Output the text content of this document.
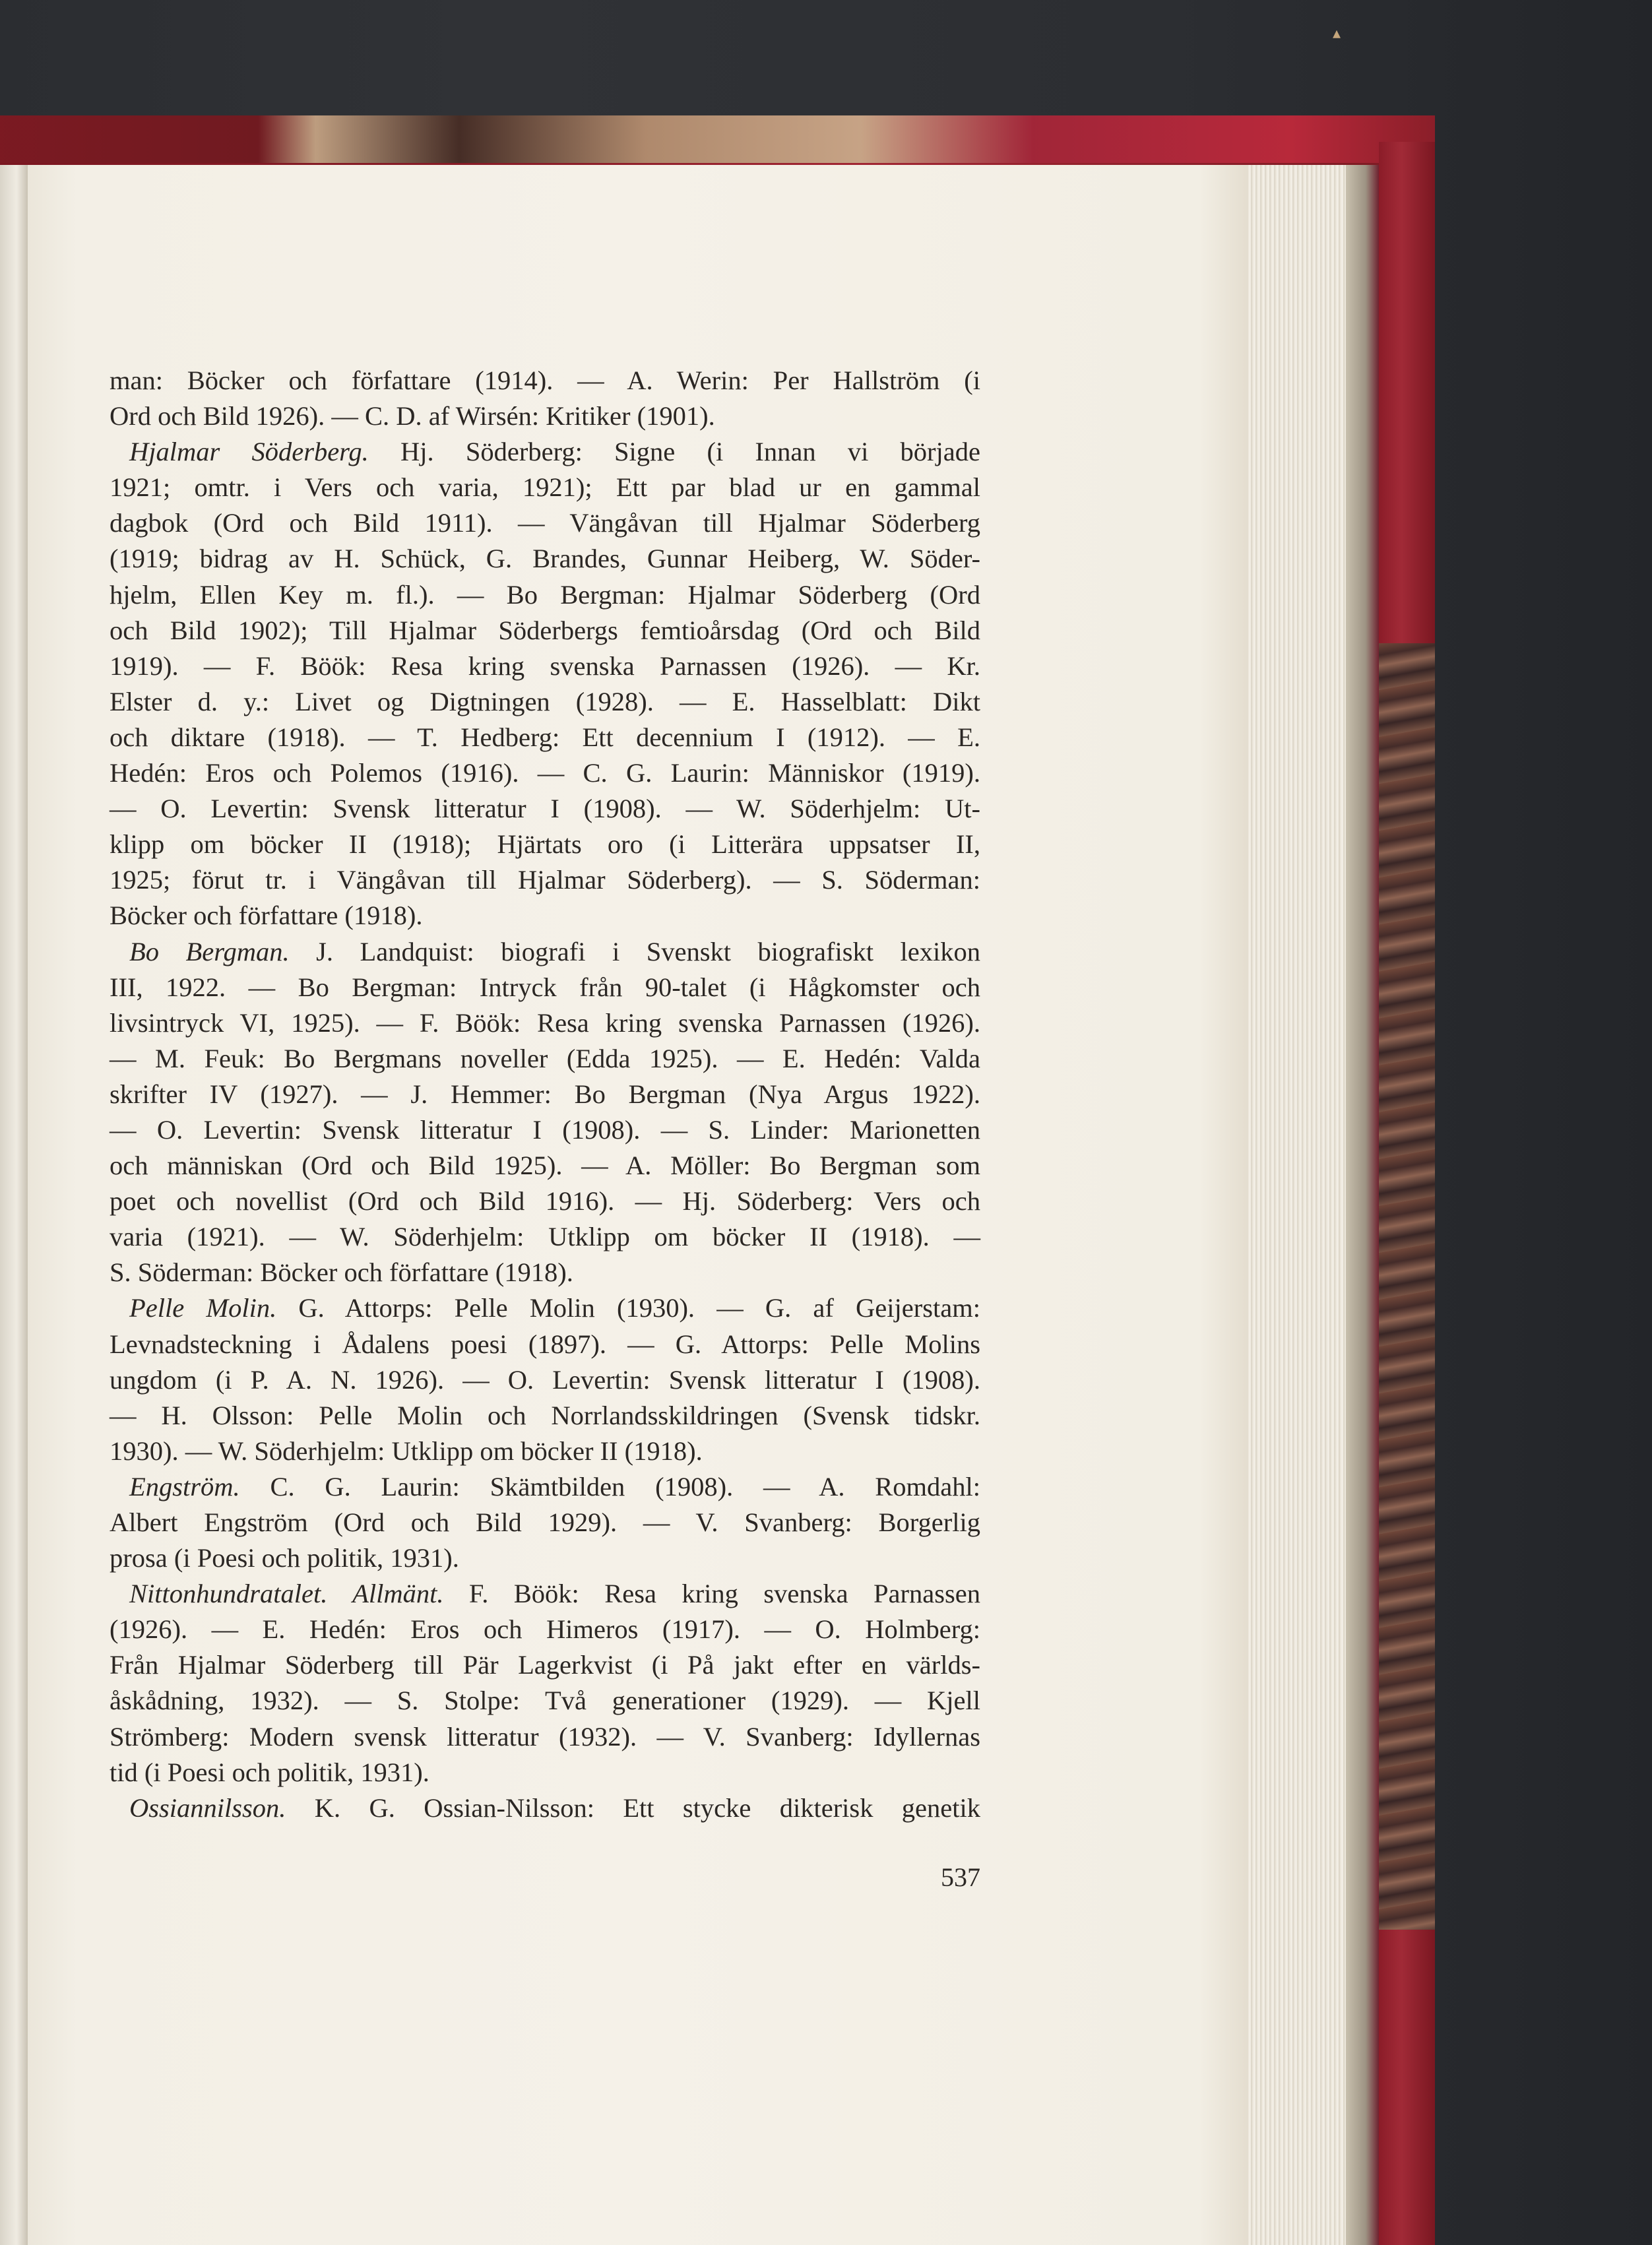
▴
man: Böcker och författare (1914). — A. Werin: Per Hallström (i
Ord och Bild 1926). — C. D. af Wirsén: Kritiker (1901).
Hjalmar Söderberg. Hj. Söderberg: Signe (i Innan vi började
1921; omtr. i Vers och varia, 1921); Ett par blad ur en gammal
dagbok (Ord och Bild 1911). — Vängåvan till Hjalmar Söderberg
(1919; bidrag av H. Schück, G. Brandes, Gunnar Heiberg, W. Söder-
hjelm, Ellen Key m. fl.). — Bo Bergman: Hjalmar Söderberg (Ord
och Bild 1902); Till Hjalmar Söderbergs femtioårsdag (Ord och Bild
1919). — F. Böök: Resa kring svenska Parnassen (1926). — Kr.
Elster d. y.: Livet og Digtningen (1928). — E. Hasselblatt: Dikt
och diktare (1918). — T. Hedberg: Ett decennium I (1912). — E.
Hedén: Eros och Polemos (1916). — C. G. Laurin: Människor (1919).
— O. Levertin: Svensk litteratur I (1908). — W. Söderhjelm: Ut-
klipp om böcker II (1918); Hjärtats oro (i Litterära uppsatser II,
1925; förut tr. i Vängåvan till Hjalmar Söderberg). — S. Söderman:
Böcker och författare (1918).
Bo Bergman. J. Landquist: biografi i Svenskt biografiskt lexikon
III, 1922. — Bo Bergman: Intryck från 90-talet (i Hågkomster och
livsintryck VI, 1925). — F. Böök: Resa kring svenska Parnassen (1926).
— M. Feuk: Bo Bergmans noveller (Edda 1925). — E. Hedén: Valda
skrifter IV (1927). — J. Hemmer: Bo Bergman (Nya Argus 1922).
— O. Levertin: Svensk litteratur I (1908). — S. Linder: Marionetten
och människan (Ord och Bild 1925). — A. Möller: Bo Bergman som
poet och novellist (Ord och Bild 1916). — Hj. Söderberg: Vers och
varia (1921). — W. Söderhjelm: Utklipp om böcker II (1918). —
S. Söderman: Böcker och författare (1918).
Pelle Molin. G. Attorps: Pelle Molin (1930). — G. af Geijerstam:
Levnadsteckning i Ådalens poesi (1897). — G. Attorps: Pelle Molins
ungdom (i P. A. N. 1926). — O. Levertin: Svensk litteratur I (1908).
— H. Olsson: Pelle Molin och Norrlandsskildringen (Svensk tidskr.
1930). — W. Söderhjelm: Utklipp om böcker II (1918).
Engström. C. G. Laurin: Skämtbilden (1908). — A. Romdahl:
Albert Engström (Ord och Bild 1929). — V. Svanberg: Borgerlig
prosa (i Poesi och politik, 1931).
Nittonhundratalet. Allmänt. F. Böök: Resa kring svenska Parnassen
(1926). — E. Hedén: Eros och Himeros (1917). — O. Holmberg:
Från Hjalmar Söderberg till Pär Lagerkvist (i På jakt efter en världs-
åskådning, 1932). — S. Stolpe: Två generationer (1929). — Kjell
Strömberg: Modern svensk litteratur (1932). — V. Svanberg: Idyllernas
tid (i Poesi och politik, 1931).
Ossiannilsson. K. G. Ossian-Nilsson: Ett stycke dikterisk genetik
537
